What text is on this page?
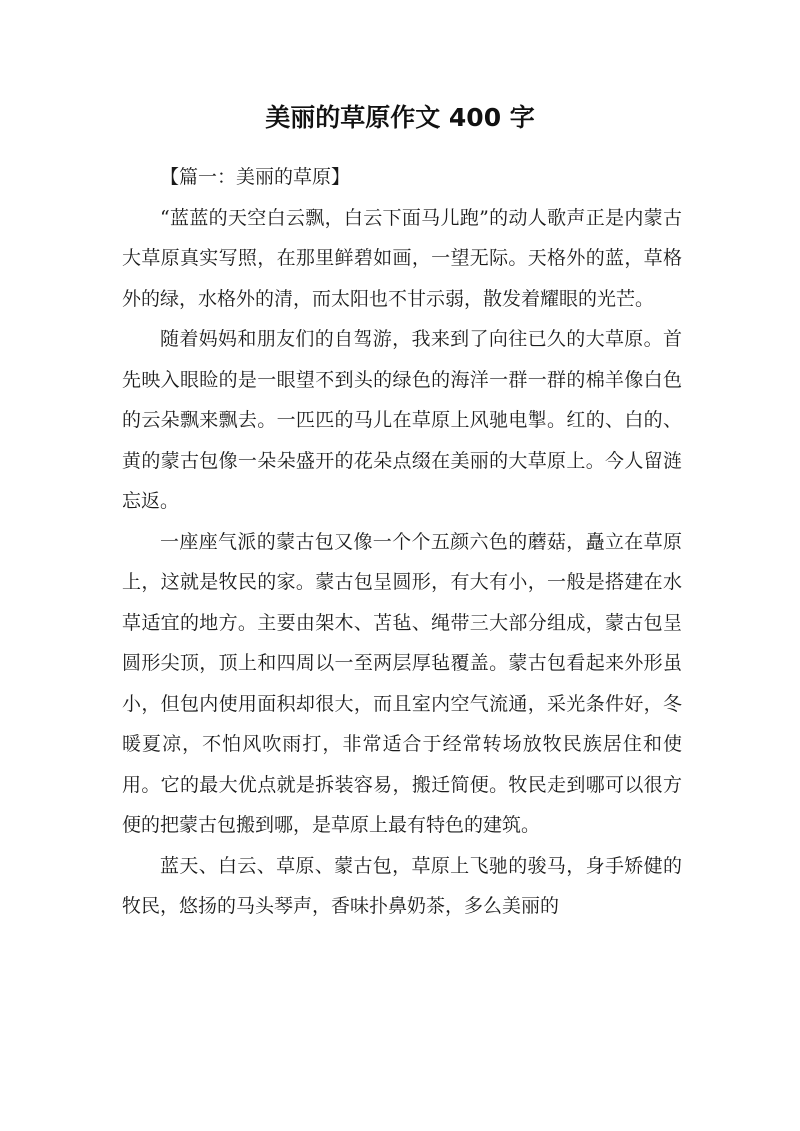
美丽的草原作文 400 字

【篇一：美丽的草原】

“蓝蓝的天空白云飘，白云下面马儿跑”的动人歌声正是内蒙古大草原真实写照，在那里鲜碧如画，一望无际。天格外的蓝，草格外的绿，水格外的清，而太阳也不甘示弱，散发着耀眼的光芒。

随着妈妈和朋友们的自驾游，我来到了向往已久的大草原。首先映入眼睑的是一眼望不到头的绿色的海洋一群一群的棉羊像白色的云朵飘来飘去。一匹匹的马儿在草原上风驰电掣。红的、白的、黄的蒙古包像一朵朵盛开的花朵点缀在美丽的大草原上。今人留涟忘返。

一座座气派的蒙古包又像一个个五颜六色的蘑菇，矗立在草原上，这就是牧民的家。蒙古包呈圆形，有大有小，一般是搭建在水草适宜的地方。主要由架木、苫毡、绳带三大部分组成，蒙古包呈圆形尖顶，顶上和四周以一至两层厚毡覆盖。蒙古包看起来外形虽小，但包内使用面积却很大，而且室内空气流通，采光条件好，冬暖夏凉，不怕风吹雨打，非常适合于经常转场放牧民族居住和使用。它的最大优点就是拆装容易，搬迁简便。牧民走到哪可以很方便的把蒙古包搬到哪，是草原上最有特色的建筑。

蓝天、白云、草原、蒙古包，草原上飞驰的骏马，身手矫健的牧民，悠扬的马头琴声，香味扑鼻奶茶，多么美丽的
